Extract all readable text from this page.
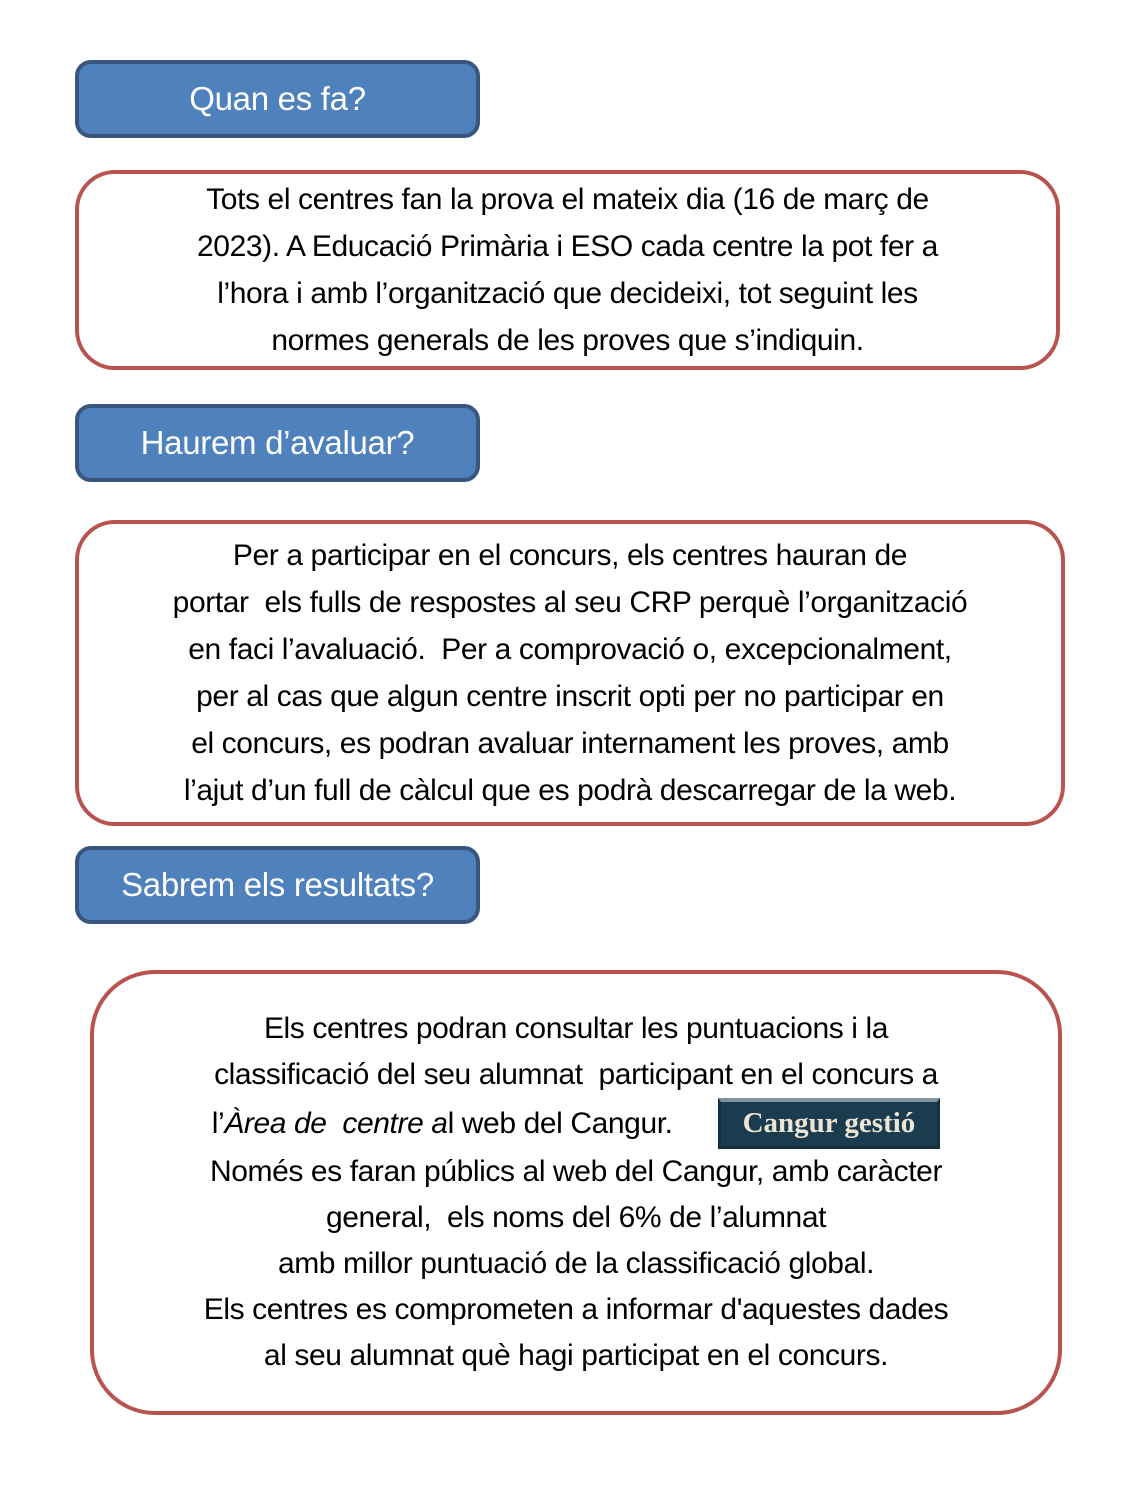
Quan es fa?
Tots el centres fan la prova el mateix dia (16 de març de
2023). A Educació Primària i ESO cada centre la pot fer a
l’hora i amb l’organització que decideixi, tot seguint les
normes generals de les proves que s’indiquin.
Haurem d’avaluar?
Per a participar en el concurs, els centres hauran de
portar  els fulls de respostes al seu CRP perquè l’organització
en faci l’avaluació.  Per a comprovació o, excepcionalment,
per al cas que algun centre inscrit opti per no participar en
el concurs, es podran avaluar internament les proves, amb
l’ajut d’un full de càlcul que es podrà descarregar de la web.
Sabrem els resultats?
Els centres podran consultar les puntuacions i la
classificació del seu alumnat  participant en el concurs a
l’ Àrea de  centre a l web del Cangur.	Cangur gestió
Només es faran públics al web del Cangur, amb caràcter
general,  els noms del 6% de l’alumnat
amb millor puntuació de la classificació global.
Els centres es comprometen a informar d'aquestes dades
al seu alumnat què hagi participat en el concurs.
